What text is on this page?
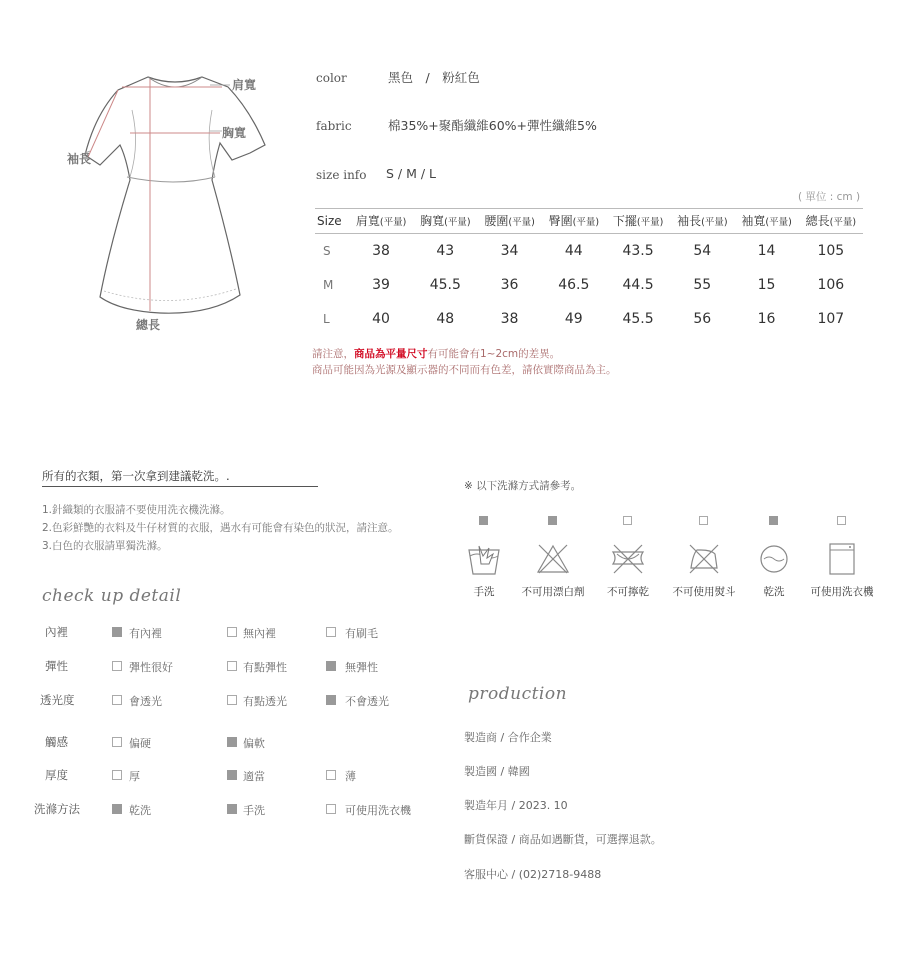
肩寬
胸寬
袖長
總長
color	黑色　/　粉紅色
fabric	棉35%+聚酯纖維60%+彈性纖維5%
size info S / M / L
( 單位 : cm )
Size	肩寬(平量)	胸寬(平量)	腰圍(平量)	臀圍(平量)	下擺(平量)	袖長(平量)	袖寬(平量)	總長(平量)
S	38	43	34	44	43.5	54	14	105
M	39	45.5	36	46.5	44.5	55	15	106
L	40	48	38	49	45.5	56	16	107
請注意，商品為平量尺寸有可能會有1~2cm的差異。
商品可能因為光源及顯示器的不同而有色差，請依實際商品為主。
所有的衣類，第一次拿到建議乾洗。.
1.針織類的衣服請不要使用洗衣機洗滌。
2.色彩鮮艷的衣料及牛仔材質的衣服，遇水有可能會有染色的狀況，請注意。
3.白色的衣服請單獨洗滌。
check up detail
內裡	有內裡	無內裡	有刷毛
彈性	彈性很好	有點彈性	無彈性
透光度	會透光	有點透光	不會透光
觸感	偏硬	偏軟
厚度	厚	適當	薄
洗滌方法	乾洗	手洗	可使用洗衣機
※ 以下洗滌方式請參考。
手洗	不可用漂白劑	不可擰乾	不可使用熨斗	乾洗	可使用洗衣機
production
製造商 / 合作企業
製造國 / 韓國
製造年月 / 2023. 10
斷貨保證 / 商品如遇斷貨，可選擇退款。
客服中心 / (02)2718-9488
